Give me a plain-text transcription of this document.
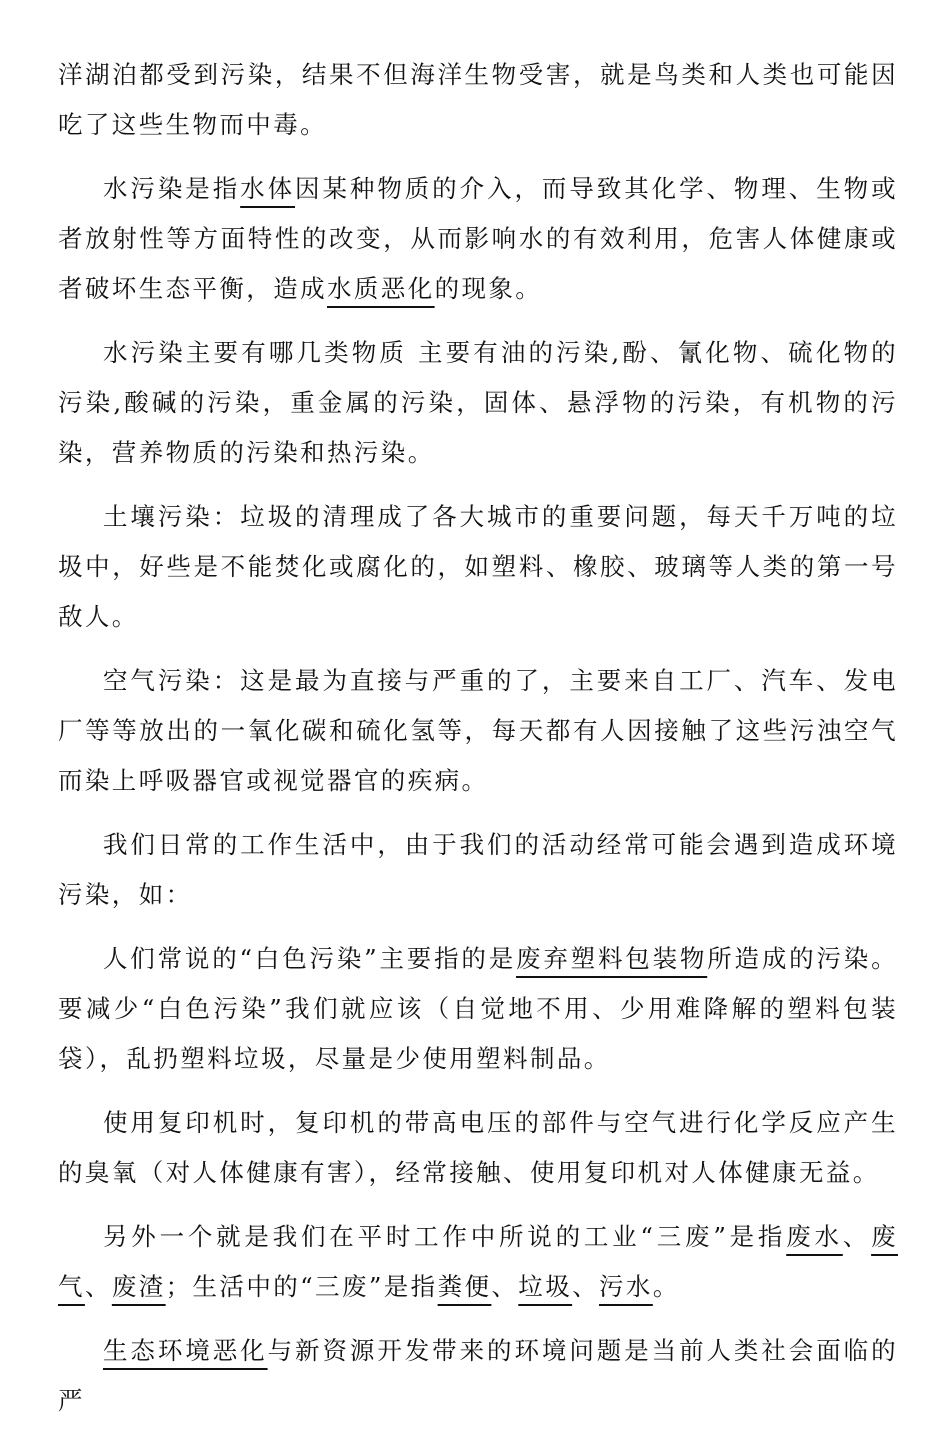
洋湖泊都受到污染，结果不但海洋生物受害，就是鸟类和人类也可能因吃了这些生物而中毒。

水污染是指水体因某种物质的介入，而导致其化学、物理、生物或者放射性等方面特性的改变，从而影响水的有效利用，危害人体健康或者破坏生态平衡，造成水质恶化的现象。

水污染主要有哪几类物质 主要有油的污染,酚、氰化物、硫化物的污染,酸碱的污染，重金属的污染，固体、悬浮物的污染，有机物的污染，营养物质的污染和热污染。

土壤污染：垃圾的清理成了各大城市的重要问题，每天千万吨的垃圾中，好些是不能焚化或腐化的，如塑料、橡胶、玻璃等人类的第一号敌人。

空气污染：这是最为直接与严重的了，主要来自工厂、汽车、发电厂等等放出的一氧化碳和硫化氢等，每天都有人因接触了这些污浊空气而染上呼吸器官或视觉器官的疾病。

我们日常的工作生活中，由于我们的活动经常可能会遇到造成环境污染，如：

人们常说的“白色污染”主要指的是废弃塑料包装物所造成的污染。要减少“白色污染”我们就应该（自觉地不用、少用难降解的塑料包装袋），乱扔塑料垃圾，尽量是少使用塑料制品。

使用复印机时，复印机的带高电压的部件与空气进行化学反应产生的臭氧（对人体健康有害），经常接触、使用复印机对人体健康无益。

另外一个就是我们在平时工作中所说的工业“三废”是指废水、废气、废渣；生活中的“三废”是指粪便、垃圾、污水。

生态环境恶化与新资源开发带来的环境问题是当前人类社会面临的严
